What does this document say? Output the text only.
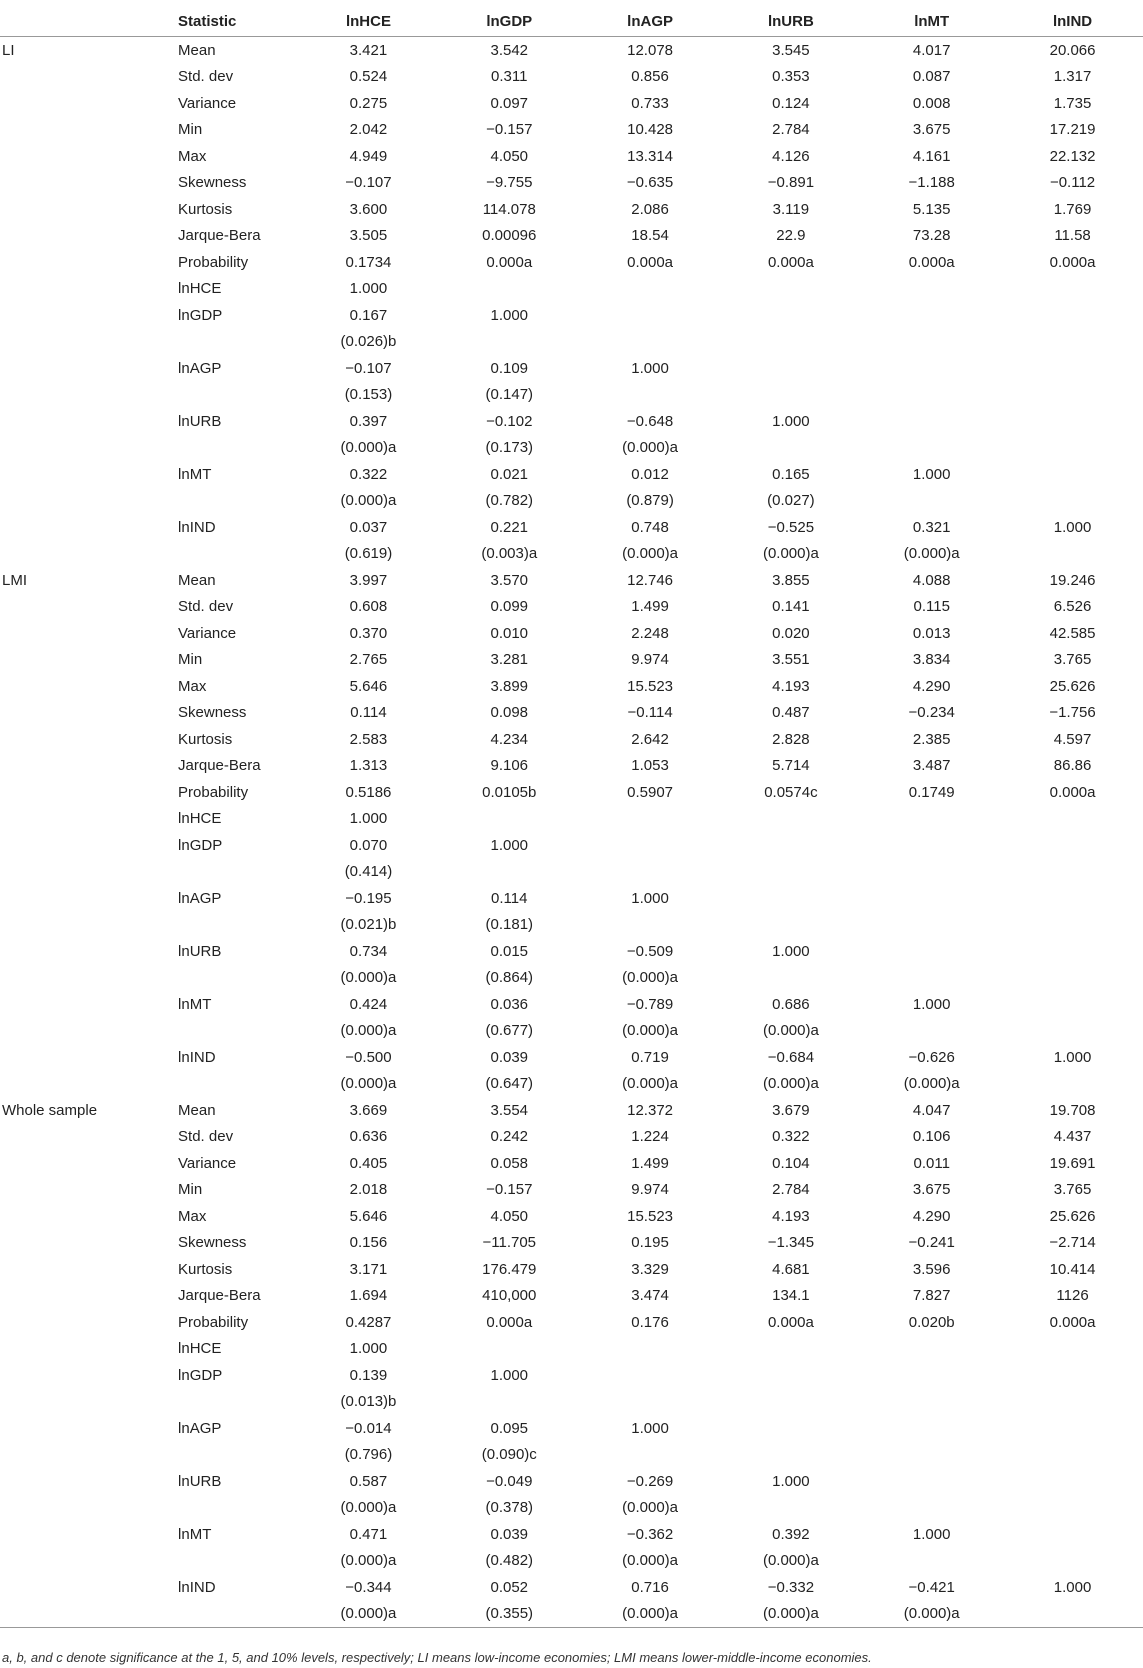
	Statistic	lnHCE	lnGDP	lnAGP	lnURB	lnMT	lnIND
LI	Mean	3.421	3.542	12.078	3.545	4.017	20.066
	Std. dev	0.524	0.311	0.856	0.353	0.087	1.317
	Variance	0.275	0.097	0.733	0.124	0.008	1.735
	Min	2.042	−0.157	10.428	2.784	3.675	17.219
	Max	4.949	4.050	13.314	4.126	4.161	22.132
	Skewness	−0.107	−9.755	−0.635	−0.891	−1.188	−0.112
	Kurtosis	3.600	114.078	2.086	3.119	5.135	1.769
	Jarque-Bera	3.505	0.00096	18.54	22.9	73.28	11.58
	Probability	0.1734	0.000a	0.000a	0.000a	0.000a	0.000a
	lnHCE	1.000					
	lnGDP	0.167	1.000				
		(0.026)b					
	lnAGP	−0.107	0.109	1.000			
		(0.153)	(0.147)				
	lnURB	0.397	−0.102	−0.648	1.000		
		(0.000)a	(0.173)	(0.000)a			
	lnMT	0.322	0.021	0.012	0.165	1.000	
		(0.000)a	(0.782)	(0.879)	(0.027)		
	lnIND	0.037	0.221	0.748	−0.525	0.321	1.000
		(0.619)	(0.003)a	(0.000)a	(0.000)a	(0.000)a	
LMI	Mean	3.997	3.570	12.746	3.855	4.088	19.246
	Std. dev	0.608	0.099	1.499	0.141	0.115	6.526
	Variance	0.370	0.010	2.248	0.020	0.013	42.585
	Min	2.765	3.281	9.974	3.551	3.834	3.765
	Max	5.646	3.899	15.523	4.193	4.290	25.626
	Skewness	0.114	0.098	−0.114	0.487	−0.234	−1.756
	Kurtosis	2.583	4.234	2.642	2.828	2.385	4.597
	Jarque-Bera	1.313	9.106	1.053	5.714	3.487	86.86
	Probability	0.5186	0.0105b	0.5907	0.0574c	0.1749	0.000a
	lnHCE	1.000					
	lnGDP	0.070	1.000				
		(0.414)					
	lnAGP	−0.195	0.114	1.000			
		(0.021)b	(0.181)				
	lnURB	0.734	0.015	−0.509	1.000		
		(0.000)a	(0.864)	(0.000)a			
	lnMT	0.424	0.036	−0.789	0.686	1.000	
		(0.000)a	(0.677)	(0.000)a	(0.000)a		
	lnIND	−0.500	0.039	0.719	−0.684	−0.626	1.000
		(0.000)a	(0.647)	(0.000)a	(0.000)a	(0.000)a	
Whole sample	Mean	3.669	3.554	12.372	3.679	4.047	19.708
	Std. dev	0.636	0.242	1.224	0.322	0.106	4.437
	Variance	0.405	0.058	1.499	0.104	0.011	19.691
	Min	2.018	−0.157	9.974	2.784	3.675	3.765
	Max	5.646	4.050	15.523	4.193	4.290	25.626
	Skewness	0.156	−11.705	0.195	−1.345	−0.241	−2.714
	Kurtosis	3.171	176.479	3.329	4.681	3.596	10.414
	Jarque-Bera	1.694	410,000	3.474	134.1	7.827	1126
	Probability	0.4287	0.000a	0.176	0.000a	0.020b	0.000a
	lnHCE	1.000					
	lnGDP	0.139	1.000				
		(0.013)b					
	lnAGP	−0.014	0.095	1.000			
		(0.796)	(0.090)c				
	lnURB	0.587	−0.049	−0.269	1.000		
		(0.000)a	(0.378)	(0.000)a			
	lnMT	0.471	0.039	−0.362	0.392	1.000	
		(0.000)a	(0.482)	(0.000)a	(0.000)a		
	lnIND	−0.344	0.052	0.716	−0.332	−0.421	1.000
		(0.000)a	(0.355)	(0.000)a	(0.000)a	(0.000)a	
a, b, and c denote significance at the 1, 5, and 10% levels, respectively; LI means low-income economies; LMI means lower-middle-income economies.
